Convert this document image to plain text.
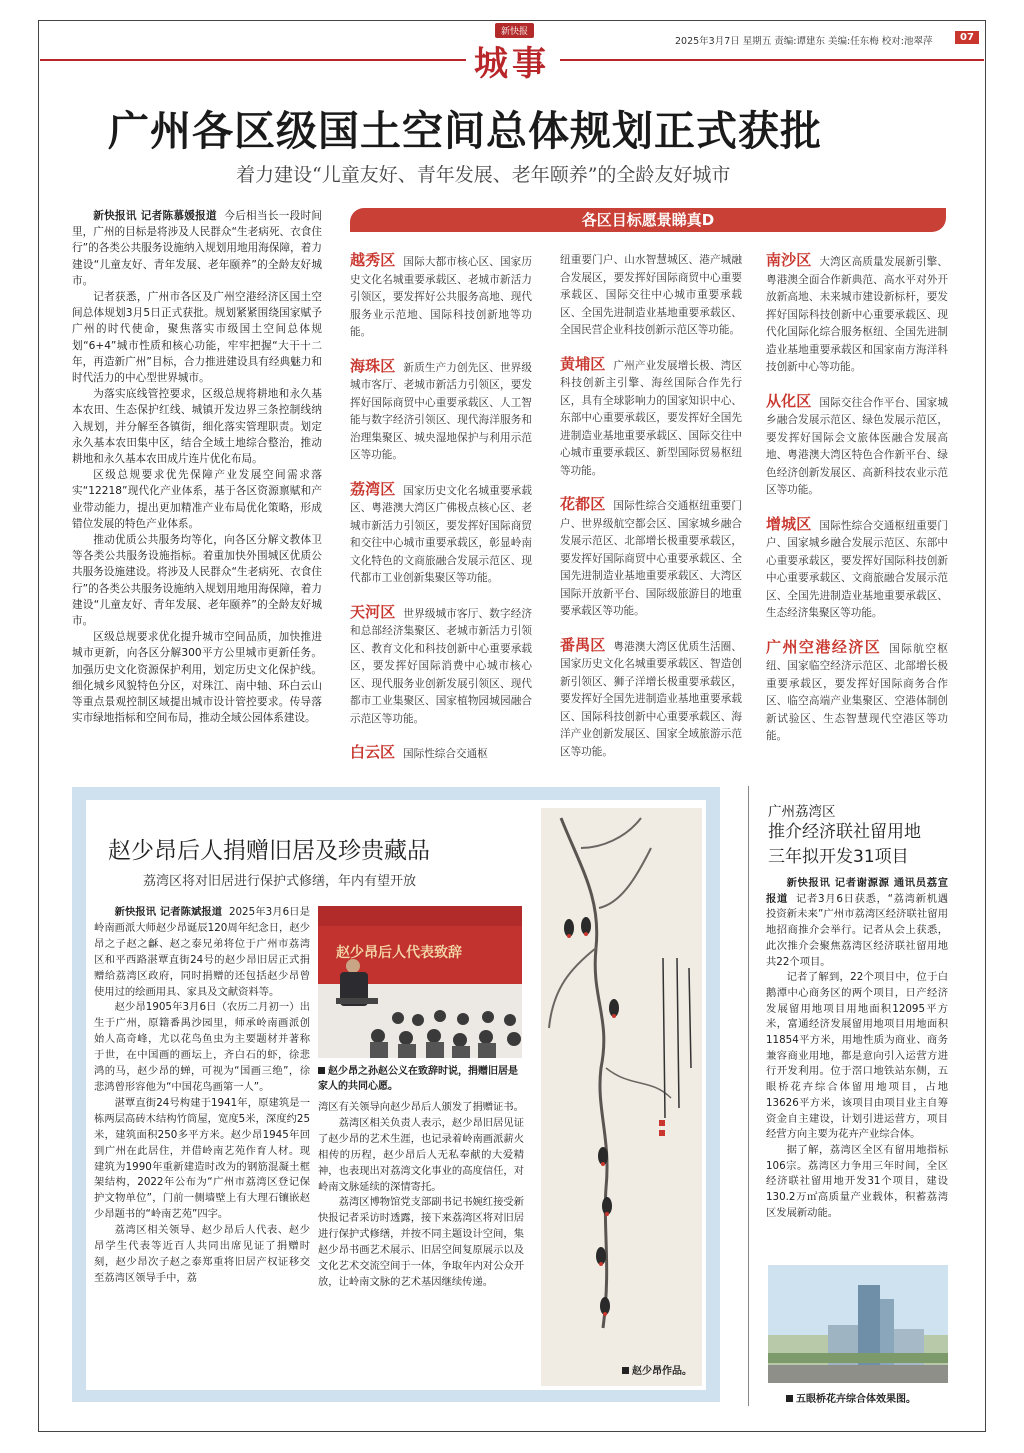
新快报
城事
2025年3月7日 星期五 责编:谭建东 美编:任东梅 校对:池翠萍	07
广州各区级国土空间总体规划正式获批
着力建设“儿童友好、青年发展、老年颐养”的全龄友好城市

新快报讯 记者陈慕媛报道 今后相当长一段时间里，广州的目标是将涉及人民群众“生老病死、衣食住行”的各类公共服务设施纳入规划用地用海保障，着力建设“儿童友好、青年发展、老年颐养”的全龄友好城市。

记者获悉，广州市各区及广州空港经济区国土空间总体规划3月5日正式获批。规划紧紧围绕国家赋予广州的时代使命，聚焦落实市级国土空间总体规划“6+4”城市性质和核心功能，牢牢把握“大干十二年，再造新广州”目标，合力推进建设具有经典魅力和时代活力的中心型世界城市。

为落实底线管控要求，区级总规将耕地和永久基本农田、生态保护红线、城镇开发边界三条控制线纳入规划，并分解至各镇街，细化落实管理职责。划定永久基本农田集中区，结合全域土地综合整治，推动耕地和永久基本农田成片连片优化布局。

区级总规要求优先保障产业发展空间需求落实“12218”现代化产业体系，基于各区资源禀赋和产业带动能力，提出更加精准产业布局优化策略，形成错位发展的特色产业体系。

推动优质公共服务均等化，向各区分解文教体卫等各类公共服务设施指标。着重加快外围城区优质公共服务设施建设。将涉及人民群众“生老病死、衣食住行”的各类公共服务设施纳入规划用地用海保障，着力建设“儿童友好、青年发展、老年颐养”的全龄友好城市。

区级总规要求优化提升城市空间品质，加快推进城市更新，向各区分解300平方公里城市更新任务。加强历史文化资源保护利用，划定历史文化保护线。细化城乡风貌特色分区，对珠江、南中轴、环白云山等重点景观控制区域提出城市设计管控要求。传导落实市绿地指标和空间布局，推动全域公园体系建设。

各区目标愿景睇真D
越秀区 国际大都市核心区、国家历史文化名城重要承载区、老城市新活力引领区，要发挥好公共服务高地、现代服务业示范地、国际科技创新地等功能。
海珠区 新质生产力创先区、世界级城市客厅、老城市新活力引领区，要发挥好国际商贸中心重要承载区、人工智能与数字经济引领区、现代海洋服务和治理集聚区、城央湿地保护与利用示范区等功能。
荔湾区 国家历史文化名城重要承载区、粤港澳大湾区广佛极点核心区、老城市新活力引领区，要发挥好国际商贸和交往中心城市重要承载区，彰显岭南文化特色的文商旅融合发展示范区、现代都市工业创新集聚区等功能。
天河区 世界级城市客厅、数字经济和总部经济集聚区、老城市新活力引领区、教育文化和科技创新中心重要承载区，要发挥好国际消费中心城市核心区、现代服务业创新发展引领区、现代都市工业集聚区、国家植物园城园融合示范区等功能。
白云区 国际性综合交通枢
纽重要门户、山水智慧城区、港产城融合发展区，要发挥好国际商贸中心重要承载区、国际交往中心城市重要承载区、全国先进制造业基地重要承载区、全国民营企业科技创新示范区等功能。
黄埔区 广州产业发展增长极、湾区科技创新主引擎、海丝国际合作先行区，具有全球影响力的国家知识中心、东部中心重要承载区，要发挥好全国先进制造业基地重要承载区、国际交往中心城市重要承载区、新型国际贸易枢纽等功能。
花都区 国际性综合交通枢纽重要门户、世界级航空都会区、国家城乡融合发展示范区、北部增长极重要承载区，要发挥好国际商贸中心重要承载区、全国先进制造业基地重要承载区、大湾区国际开放新平台、国际级旅游目的地重要承载区等功能。
番禺区 粤港澳大湾区优质生活圈、国家历史文化名城重要承载区、智造创新引领区、狮子洋增长极重要承载区，要发挥好全国先进制造业基地重要承载区、国际科技创新中心重要承载区、海洋产业创新发展区、国家全域旅游示范区等功能。
南沙区 大湾区高质量发展新引擎、粤港澳全面合作新典范、高水平对外开放新高地、未来城市建设新标杆，要发挥好国际科技创新中心重要承载区、现代化国际化综合服务枢纽、全国先进制造业基地重要承载区和国家南方海洋科技创新中心等功能。
从化区 国际交往合作平台、国家城乡融合发展示范区、绿色发展示范区，要发挥好国际会文旅体医融合发展高地、粤港澳大湾区特色合作新平台、绿色经济创新发展区、高新科技农业示范区等功能。
增城区 国际性综合交通枢纽重要门户、国家城乡融合发展示范区、东部中心重要承载区，要发挥好国际科技创新中心重要承载区、文商旅融合发展示范区、全国先进制造业基地重要承载区、生态经济集聚区等功能。
广州空港经济区 国际航空枢纽、国家临空经济示范区、北部增长极重要承载区，要发挥好国际商务合作区、临空高端产业集聚区、空港体制创新试验区、生态智慧现代空港区等功能。
赵少昂后人捐赠旧居及珍贵藏品
荔湾区将对旧居进行保护式修缮，年内有望开放

新快报讯 记者陈斌报道 2025年3月6日是岭南画派大师赵少昂诞辰120周年纪念日，赵少昂之子赵之龢、赵之泰兄弟将位于广州市荔湾区和平西路湛覃直街24号的赵少昂旧居正式捐赠给荔湾区政府，同时捐赠的还包括赵少昂曾使用过的绘画用具、家具及文献资料等。

赵少昂1905年3月6日（农历二月初一）出生于广州，原籍番禺沙园里，师承岭南画派创始人高奇峰，尤以花鸟鱼虫为主要题材并著称于世，在中国画的画坛上，齐白石的虾，徐悲鸿的马，赵少昂的蝉，可视为“国画三绝”，徐悲鸿曾形容他为“中国花鸟画第一人”。

湛覃直街24号构建于1941年，原建筑是一栋两层高砖木结构竹筒屋，宽度5米，深度约25米，建筑面积250多平方米。赵少昂1945年回到广州在此居住，并借岭南艺苑作育人材。现建筑为1990年重新建造时改为的钢筋混凝土框架结构，2022年公布为“广州市荔湾区登记保护文物单位”，门前一侧墙壁上有大理石镶嵌赵少昂题书的“岭南艺苑”四字。

荔湾区相关领导、赵少昂后人代表、赵少昂学生代表等近百人共同出席见证了捐赠时刻，赵少昂次子赵之泰郑重将旧居产权证移交至荔湾区领导手中，荔

赵少昂后人代表致辞
赵少昂之孙赵公义在致辞时说，捐赠旧居是家人的共同心愿。

湾区有关领导向赵少昂后人颁发了捐赠证书。

荔湾区相关负责人表示，赵少昂旧居见证了赵少昂的艺术生涯，也记录着岭南画派薪火相传的历程，赵少昂后人无私奉献的大爱精神，也表现出对荔湾文化事业的高度信任，对岭南文脉延续的深情寄托。

荔湾区博物馆党支部副书记书婉红接受新快报记者采访时透露，接下来荔湾区将对旧居进行保护式修缮，并按不同主题设计空间，集赵少昂书画艺术展示、旧居空间复原展示以及文化艺术交流空间于一体，争取年内对公众开放，让岭南文脉的艺术基因继续传递。

赵少昂作品。
广州荔湾区
推介经济联社留用地
三年拟开发31项目

新快报讯 记者谢源源 通讯员荔宣报道 记者3月6日获悉，“荔湾新机遇 投资新未来”广州市荔湾区经济联社留用地招商推介会举行。记者从会上获悉，此次推介会聚焦荔湾区经济联社留用地共22个项目。

记者了解到，22个项目中，位于白鹅潭中心商务区的两个项目，日产经济发展留用地项目用地面积12095平方米，富通经济发展留用地项目用地面积11854平方米，用地性质为商业、商务兼容商业用地，都是意向引入运营方进行开发利用。位于滘口地铁站东侧，五眼桥花卉综合体留用地项目，占地13626平方米，该项目由项目业主自筹资金自主建设，计划引进运营方，项目经营方向主要为花卉产业综合体。

据了解，荔湾区全区有留用地指标106宗。荔湾区力争用三年时间，全区经济联社留用地开发31个项目，建设130.2万㎡高质量产业载体，积蓄荔湾区发展新动能。

五眼桥花卉综合体效果图。
